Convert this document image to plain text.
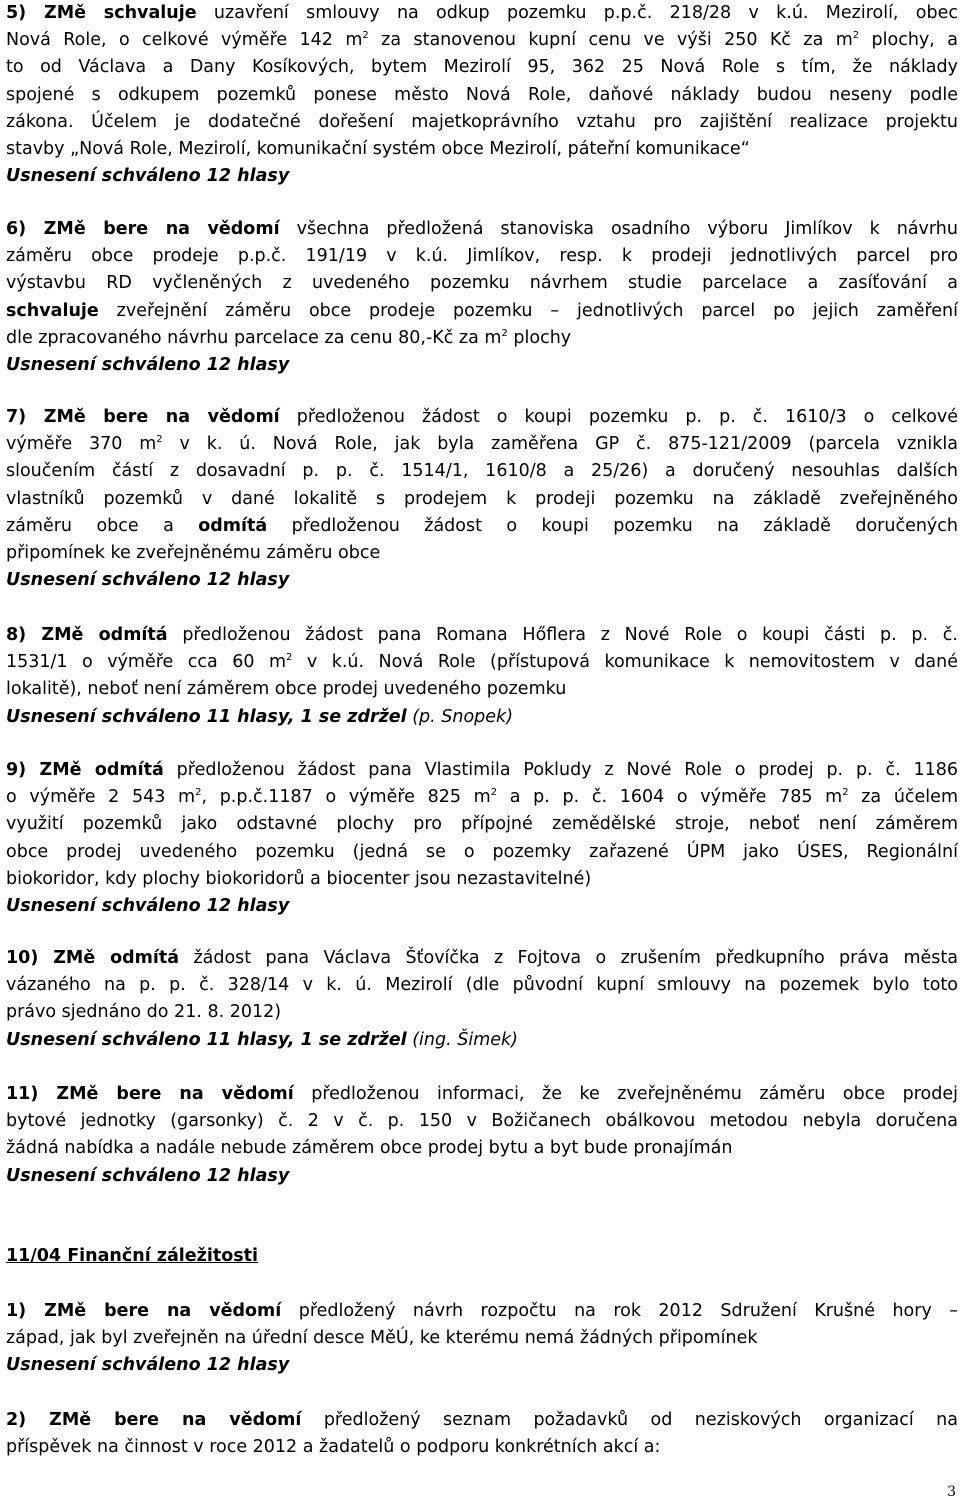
5) ZMě schvaluje uzavření smlouvy na odkup pozemku p.p.č. 218/28 v k.ú. Mezirolí, obec
Nová Role, o celkové výměře 142 $m^2$ za stanovenou kupní cenu ve výši 250 Kč za $m^2$ plochy, a
to od Václava a Dany Kosíkových, bytem Mezirolí 95, 362 25 Nová Role s tím, že náklady
spojené s odkupem pozemků ponese město Nová Role, daňové náklady budou neseny podle
zákona. Účelem je dodatečné dořešení majetkoprávního vztahu pro zajištění realizace projektu
stavby „Nová Role, Mezirolí, komunikační systém obce Mezirolí, páteřní komunikace“
Usnesení schváleno 12 hlasy
6) ZMě bere na vědomí všechna předložená stanoviska osadního výboru Jimlíkov k návrhu
záměru obce prodeje p.p.č. 191/19 v k.ú. Jimlíkov, resp. k prodeji jednotlivých parcel pro
výstavbu RD vyčleněných z uvedeného pozemku návrhem studie parcelace a zasíťování a
schvaluje zveřejnění záměru obce prodeje pozemku – jednotlivých parcel po jejich zaměření
dle zpracovaného návrhu parcelace za cenu 80,-Kč za $m^2$ plochy
Usnesení schváleno 12 hlasy
7) ZMě bere na vědomí předloženou žádost o koupi pozemku p. p. č. 1610/3 o celkové
výměře 370 $m^2$ v k. ú. Nová Role, jak byla zaměřena GP č. 875-121/2009 (parcela vznikla
sloučením částí z dosavadní p. p. č. 1514/1, 1610/8 a 25/26) a doručený nesouhlas dalších
vlastníků pozemků v dané lokalitě s prodejem k prodeji pozemku na základě zveřejněného
záměru obce a odmítá předloženou žádost o koupi pozemku na základě doručených
připomínek ke zveřejněnému záměru obce
Usnesení schváleno 12 hlasy
8) ZMě odmítá předloženou žádost pana Romana Hőflera z Nové Role o koupi části p. p. č.
1531/1 o výměře cca 60 $m^2$ v k.ú. Nová Role (přístupová komunikace k nemovitostem v dané
lokalitě), neboť není záměrem obce prodej uvedeného pozemku
Usnesení schváleno 11 hlasy, 1 se zdržel (p. Snopek)
9) ZMě odmítá předloženou žádost pana Vlastimila Pokludy z Nové Role o prodej p. p. č. 1186
o výměře 2 543 $m^2$, p.p.č.1187 o výměře 825 $m^2$ a p. p. č. 1604 o výměře 785 $m^2$ za účelem
využití pozemků jako odstavné plochy pro přípojné zemědělské stroje, neboť není záměrem
obce prodej uvedeného pozemku (jedná se o pozemky zařazené ÚPM jako ÚSES, Regionální
biokoridor, kdy plochy biokoridorů a biocenter jsou nezastavitelné)
Usnesení schváleno 12 hlasy
10) ZMě odmítá žádost pana Václava Šťovíčka z Fojtova o zrušením předkupního práva města
vázaného na p. p. č. 328/14 v k. ú. Mezirolí (dle původní kupní smlouvy na pozemek bylo toto
právo sjednáno do 21. 8. 2012)
Usnesení schváleno 11 hlasy, 1 se zdržel (ing. Šimek)
11) ZMě bere na vědomí předloženou informaci, že ke zveřejněnému záměru obce prodej
bytové jednotky (garsonky) č. 2 v č. p. 150 v Božičanech obálkovou metodou nebyla doručena
žádná nabídka a nadále nebude záměrem obce prodej bytu a byt bude pronajímán
Usnesení schváleno 12 hlasy
11/04 Finanční záležitosti
1) ZMě bere na vědomí předložený návrh rozpočtu na rok 2012 Sdružení Krušné hory –
západ, jak byl zveřejněn na úřední desce MěÚ, ke kterému nemá žádných připomínek
Usnesení schváleno 12 hlasy
2) ZMě bere na vědomí předložený seznam požadavků od neziskových organizací na
příspěvek na činnost v roce 2012 a žadatelů o podporu konkrétních akcí a:
3
